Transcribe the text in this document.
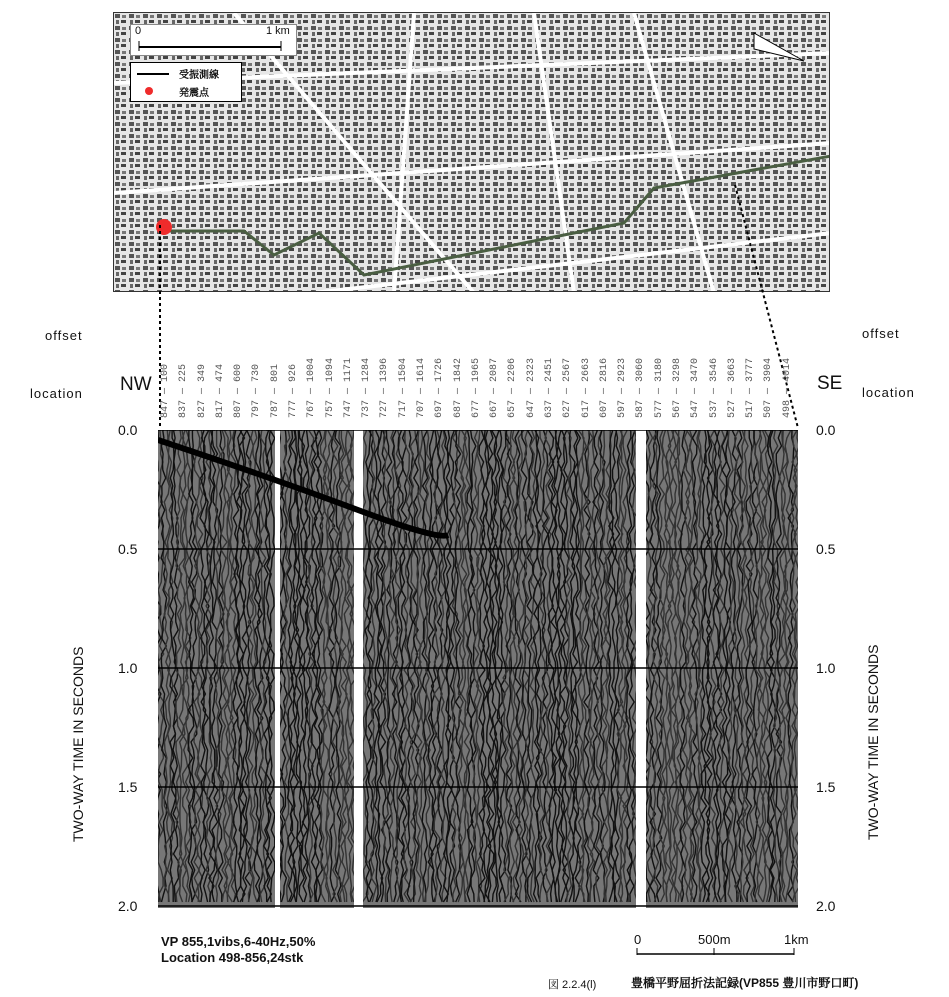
0	1 km
受振測線
発震点
offset
location NW
offset
location
SE
847 — 100 837 — 225 827 — 349 817 — 474 807 — 600 797 — 730 787 — 801 777 — 926 767 — 1004 757 — 1094 747 — 1171 737 — 1284 727 — 1396 717 — 1504 707 — 1614 697 — 1726 687 — 1842 677 — 1965 667 — 2087 657 — 2206 647 — 2323 637 — 2451 627 — 2567 617 — 2663 607 — 2816 597 — 2923 587 — 3060 577 — 3180 567 — 3298 547 — 3470 537 — 3546 527 — 3663 517 — 3777 507 — 3904 498 — 4014
0.0
0.5
1.0
1.5
2.0
0.0
0.5
1.0
1.5
2.0
TWO-WAY TIME IN SECONDS	TWO-WAY TIME IN SECONDS
VP 855,1vibs,6-40Hz,50%
Location 498-856,24stk
0	500m	1km
図 2.2.4(l)	豊橋平野屈折法記録(VP855 豊川市野口町)
